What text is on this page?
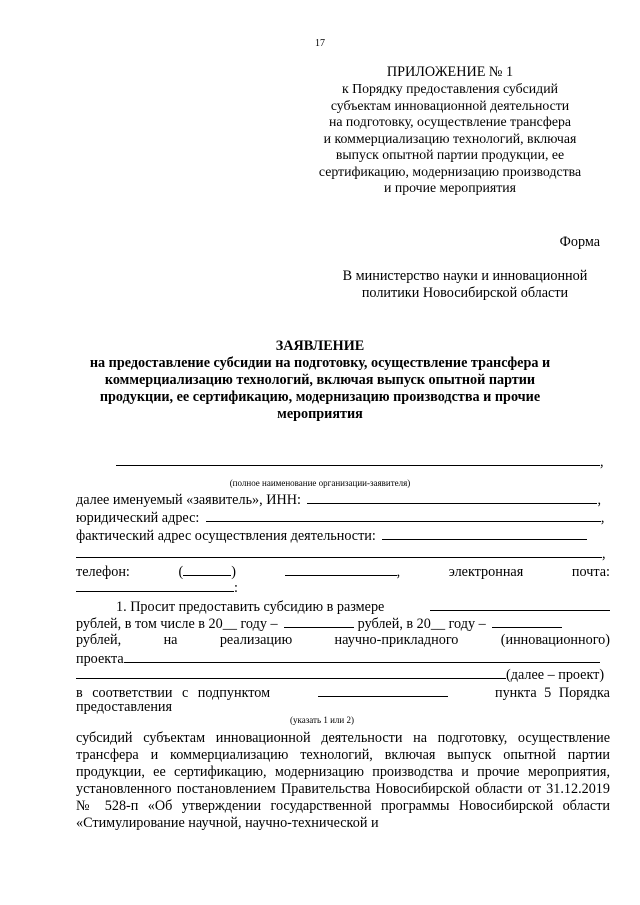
17
ПРИЛОЖЕНИЕ № 1
к Порядку предоставления субсидий
субъектам инновационной деятельности
на подготовку, осуществление трансфера
и коммерциализацию технологий, включая
выпуск опытной партии продукции, ее
сертификацию, модернизацию производства
и прочие мероприятия
Форма
В министерство науки и инновационной
политики Новосибирской области
ЗАЯВЛЕНИЕ
на предоставление субсидии на подготовку, осуществление трансфера и коммерциализацию технологий, включая выпуск опытной партии продукции, ее сертификацию, модернизацию производства и прочие мероприятия
,
(полное наименование организации-заявителя)
далее именуемый «заявитель», ИНН:	,
юридический адрес:	,
фактический адрес осуществления деятельности:
,
телефон:	(	)	,	электронная	почта:
:
1. Просит предоставить субсидию в размере
рублей, в том числе в 20__ году –	рублей, в 20__ году –
рублей, на реализацию научно-прикладного (инновационного)
проекта
(далее – проект)
в соответствии с подпунктом	пункта 5 Порядка
предоставления
(указать 1 или 2)
субсидий субъектам инновационной деятельности на подготовку, осуществление трансфера и коммерциализацию технологий, включая выпуск опытной партии продукции, ее сертификацию, модернизацию производства и прочие мероприятия, установленного постановлением Правительства Новосибирской области от 31.12.2019 № 528-п «Об утверждении государственной программы Новосибирской области «Стимулирование научной, научно-технической и
